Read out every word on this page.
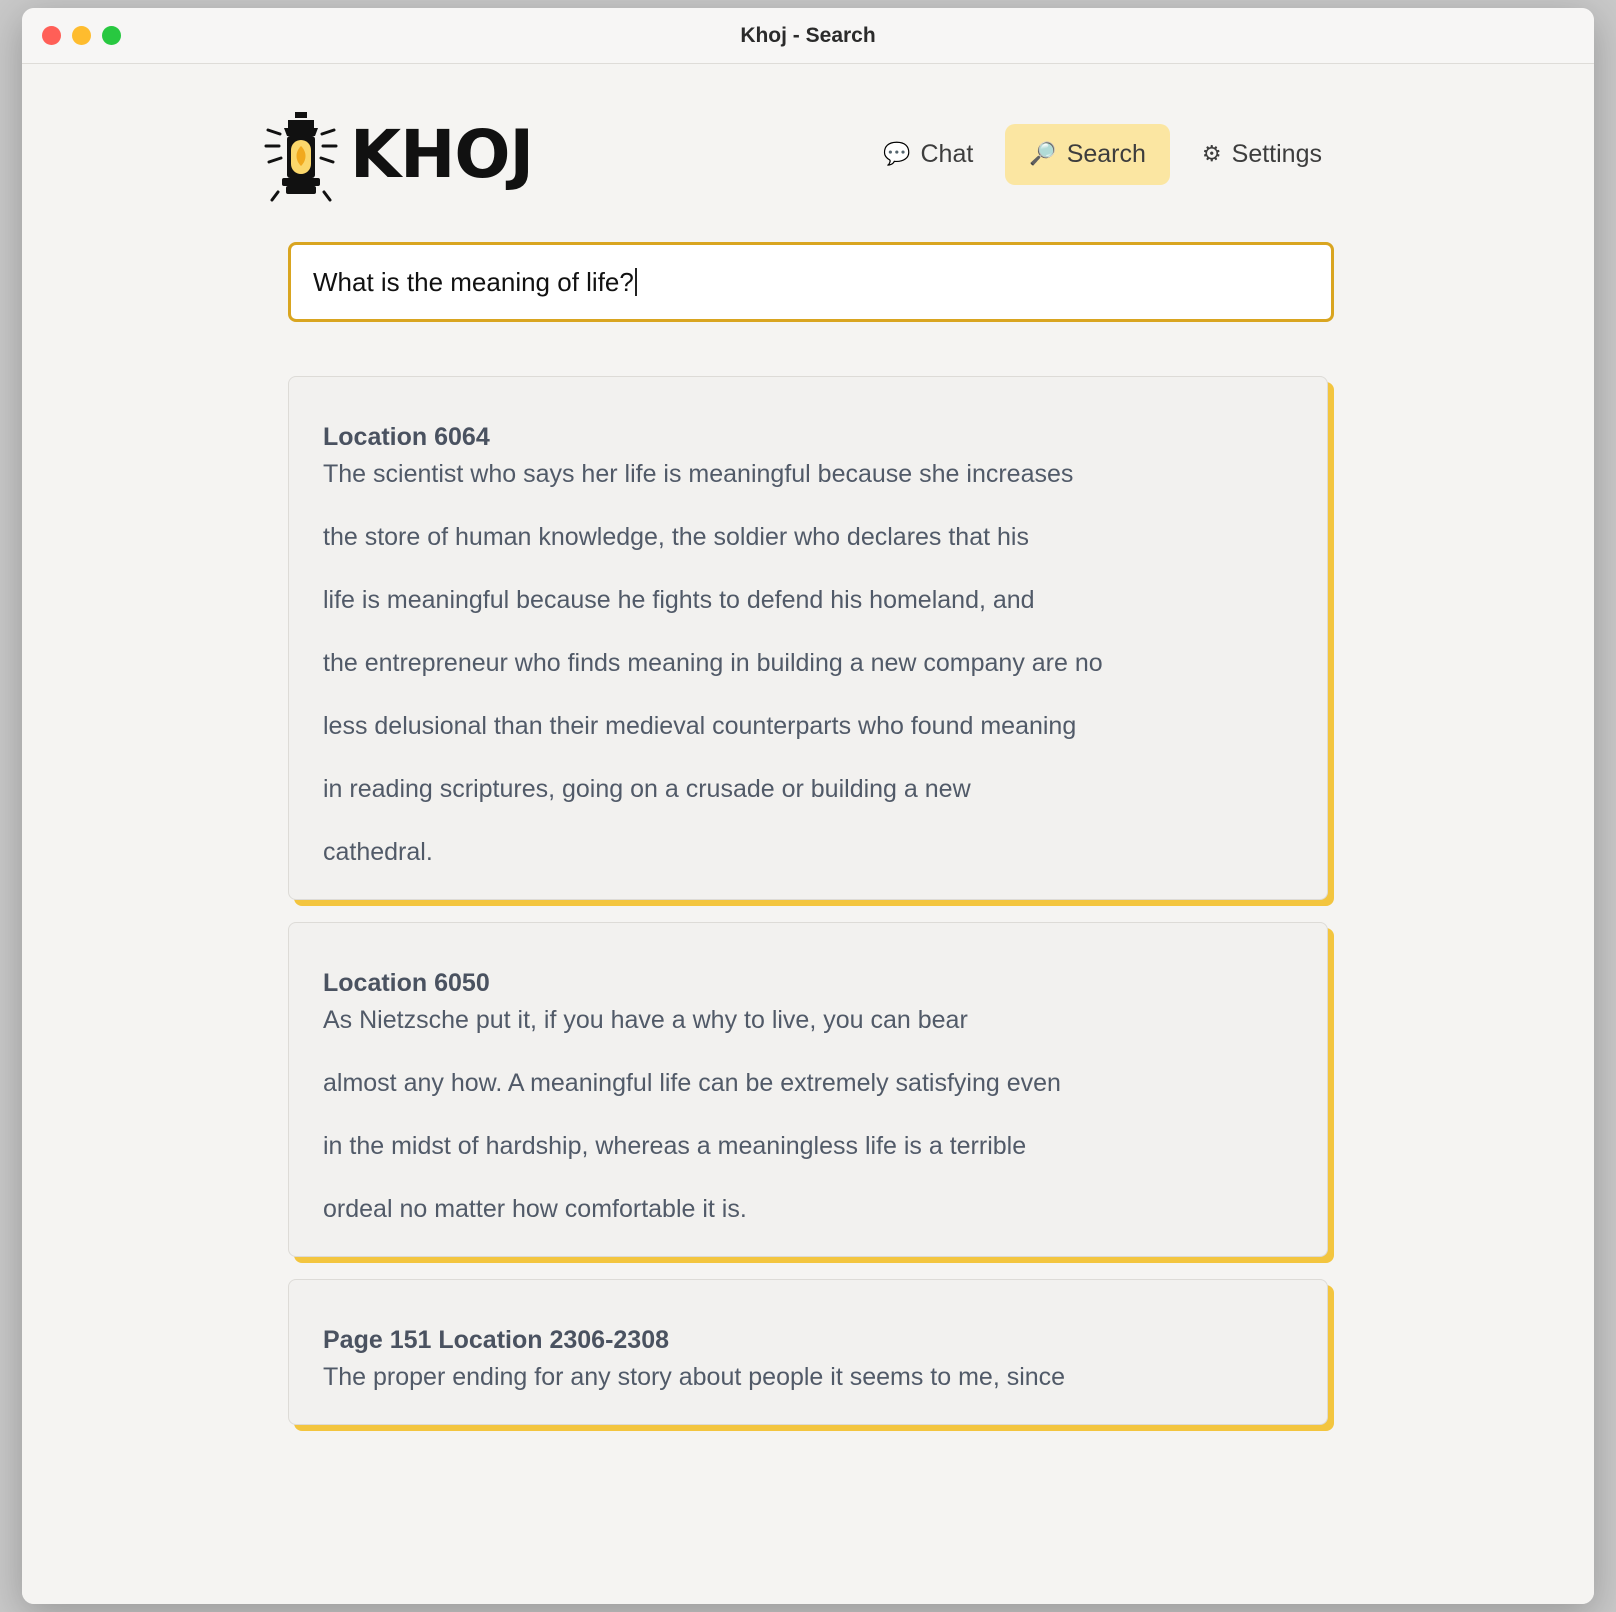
Khoj - Search
KHOJ	💬 Chat	🔎 Search	⚙ Settings
What is the meaning of life?
Location 6064
The scientist who says her life is meaningful because she increases
the store of human knowledge, the soldier who declares that his
life is meaningful because he fights to defend his homeland, and
the entrepreneur who finds meaning in building a new company are no
less delusional than their medieval counterparts who found meaning
in reading scriptures, going on a crusade or building a new
cathedral.
Location 6050
As Nietzsche put it, if you have a why to live, you can bear
almost any how. A meaningful life can be extremely satisfying even
in the midst of hardship, whereas a meaningless life is a terrible
ordeal no matter how comfortable it is.
Page 151 Location 2306-2308
The proper ending for any story about people it seems to me, since
